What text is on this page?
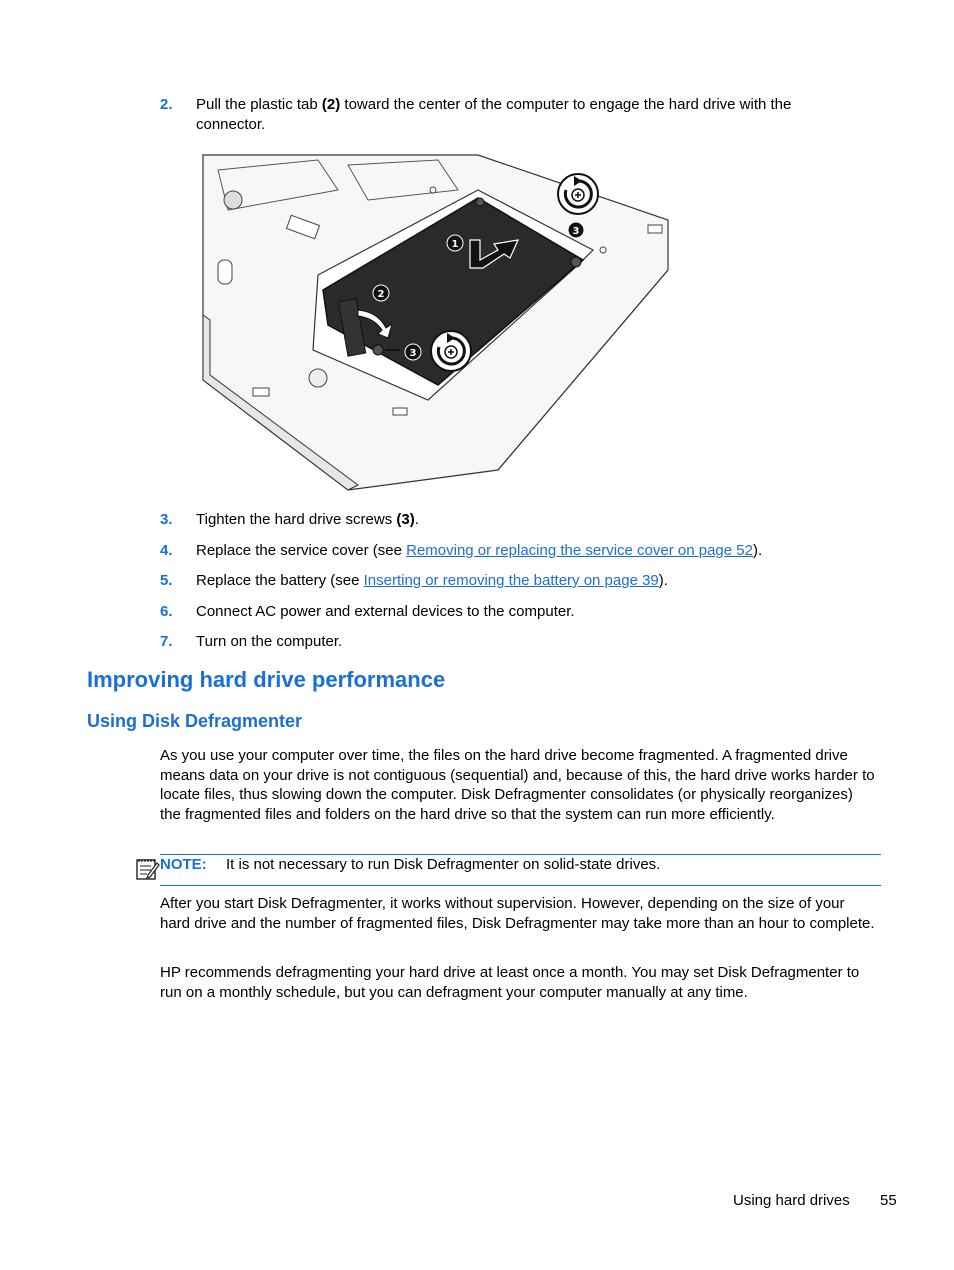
2. Pull the plastic tab (2) toward the center of the computer to engage the hard drive with the connector.
1
2
3
3
3. Tighten the hard drive screws (3).
4. Replace the service cover (see Removing or replacing the service cover on page 52).
5. Replace the battery (see Inserting or removing the battery on page 39).
6. Connect AC power and external devices to the computer.
7. Turn on the computer.
Improving hard drive performance
Using Disk Defragmenter
As you use your computer over time, the files on the hard drive become fragmented. A fragmented drive means data on your drive is not contiguous (sequential) and, because of this, the hard drive works harder to locate files, thus slowing down the computer. Disk Defragmenter consolidates (or physically reorganizes) the fragmented files and folders on the hard drive so that the system can run more efficiently.
NOTE: It is not necessary to run Disk Defragmenter on solid-state drives.
After you start Disk Defragmenter, it works without supervision. However, depending on the size of your hard drive and the number of fragmented files, Disk Defragmenter may take more than an hour to complete.
HP recommends defragmenting your hard drive at least once a month. You may set Disk Defragmenter to run on a monthly schedule, but you can defragment your computer manually at any time.
Using hard drives 55
